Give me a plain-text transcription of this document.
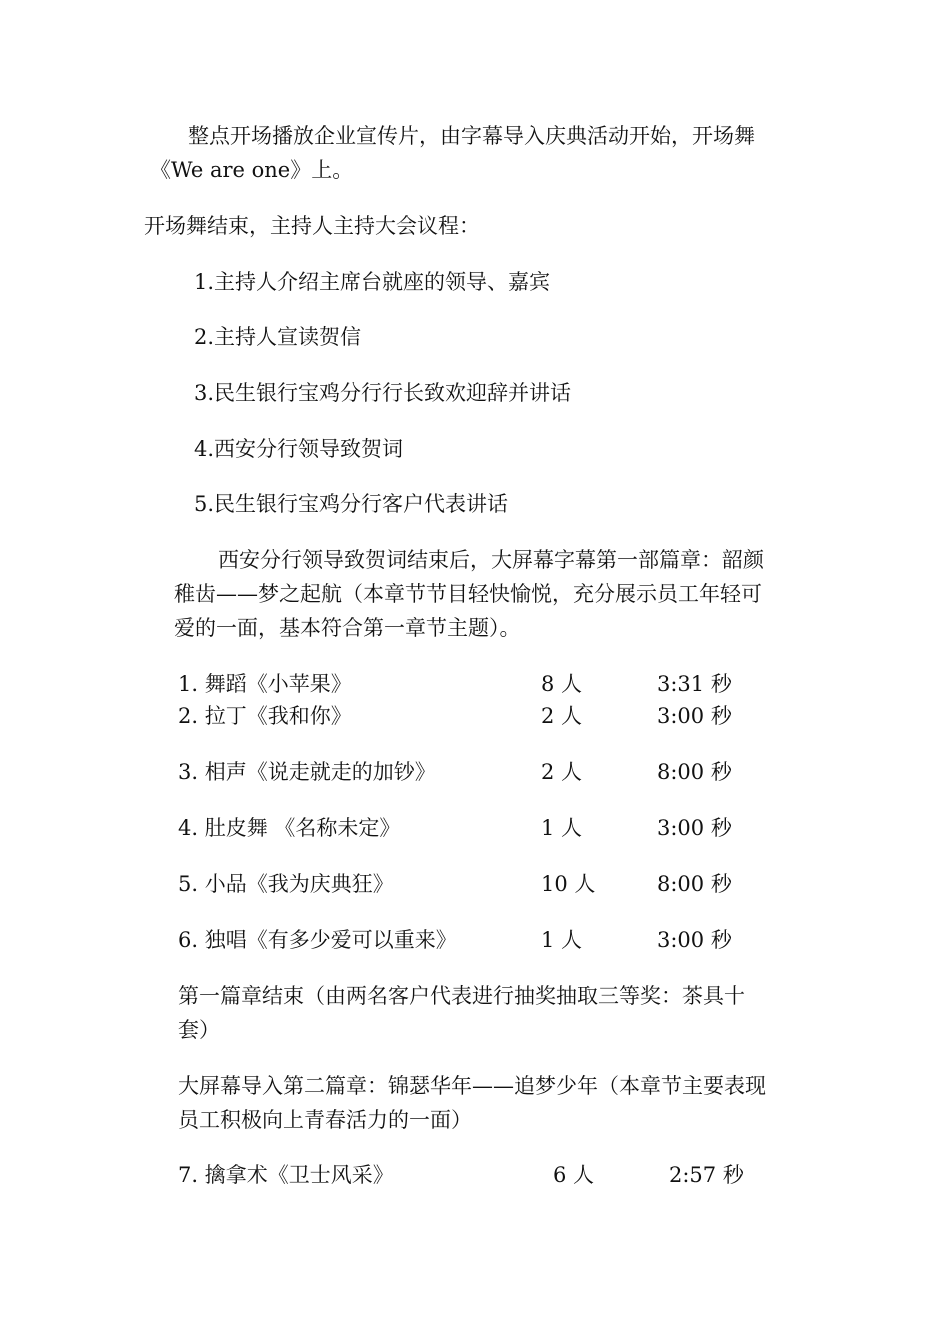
整点开场播放企业宣传片，由字幕导入庆典活动开始，开场舞
《We are one》上。
开场舞结束，主持人主持大会议程：
1.主持人介绍主席台就座的领导、嘉宾
2.主持人宣读贺信
3.民生银行宝鸡分行行长致欢迎辞并讲话
4.西安分行领导致贺词
5.民生银行宝鸡分行客户代表讲话
西安分行领导致贺词结束后，大屏幕字幕第一部篇章：韶颜
稚齿——梦之起航（本章节节目轻快愉悦，充分展示员工年轻可
爱的一面，基本符合第一章节主题）。
1. 舞蹈《小苹果》	8 人	3:31 秒
2. 拉丁《我和你》	2 人	3:00 秒
3. 相声《说走就走的加钞》	2 人	8:00 秒
4. 肚皮舞 《名称未定》	1 人	3:00 秒
5. 小品《我为庆典狂》	10 人	8:00 秒
6. 独唱《有多少爱可以重来》	1 人	3:00 秒
第一篇章结束（由两名客户代表进行抽奖抽取三等奖：茶具十
套）
大屏幕导入第二篇章：锦瑟华年——追梦少年（本章节主要表现
员工积极向上青春活力的一面）
7. 擒拿术《卫士风采》	6 人	2:57 秒
